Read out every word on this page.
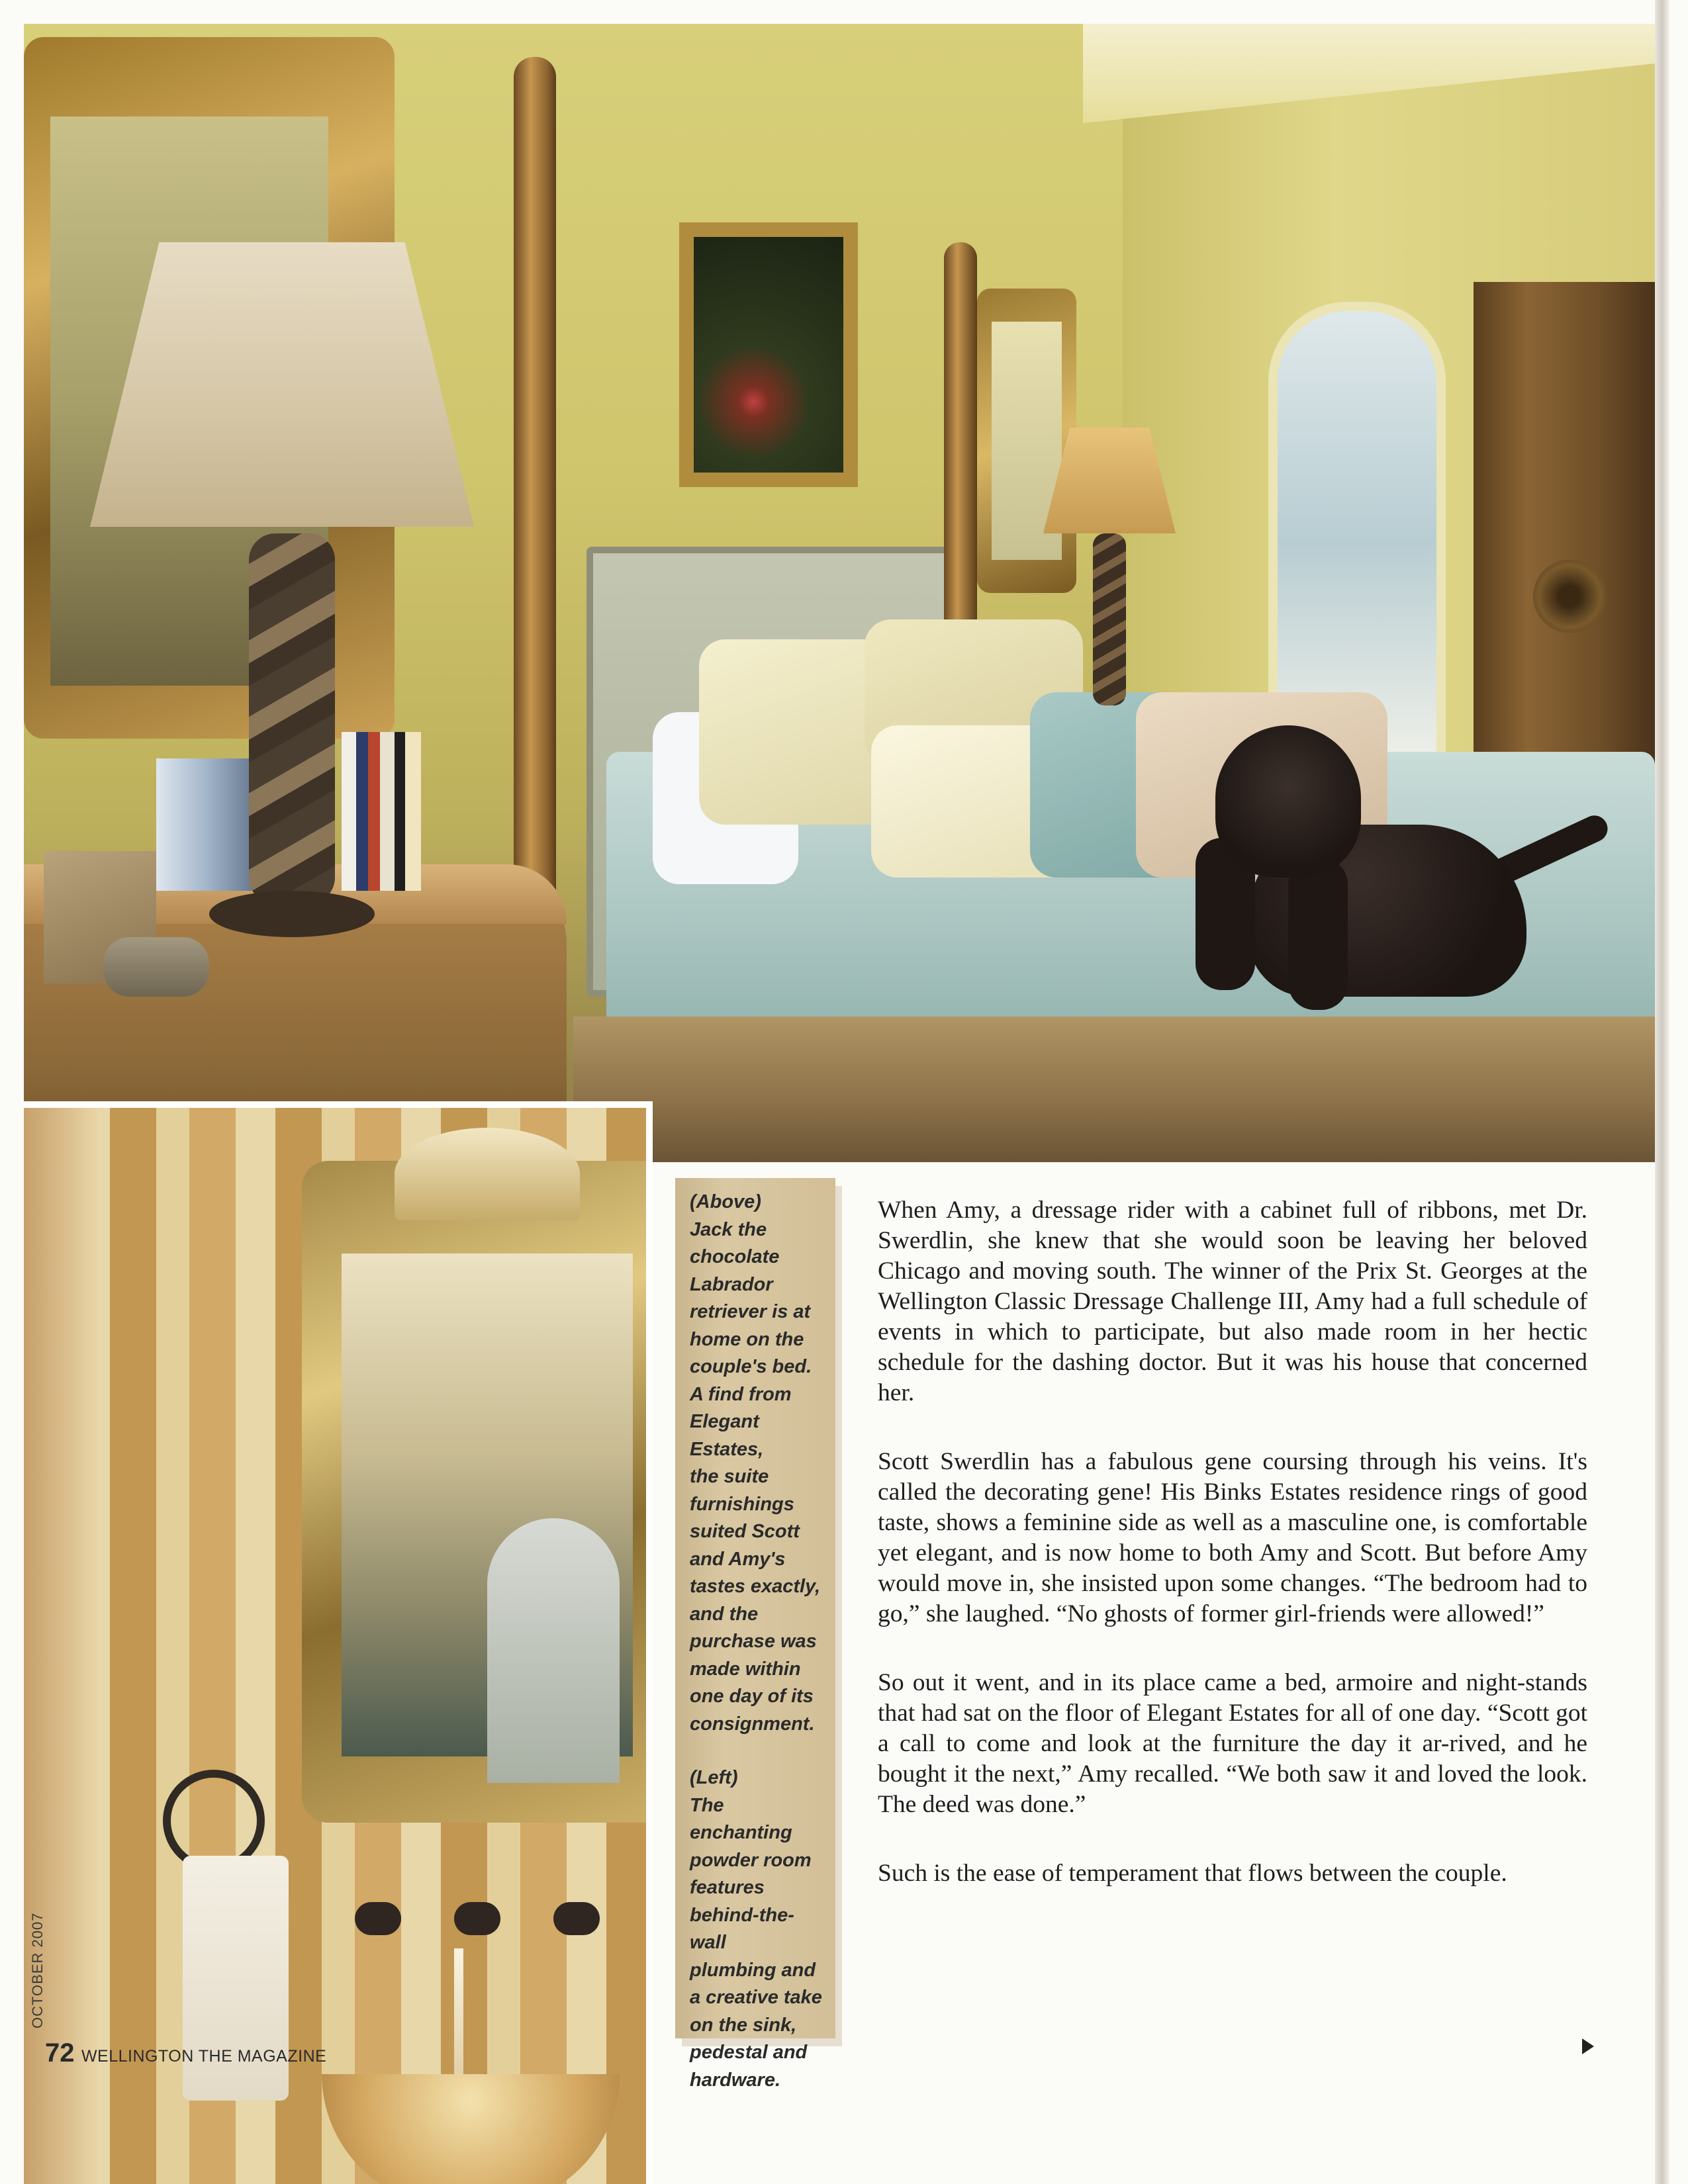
(Above)
Jack the
chocolate
Labrador
retriever is at
home on the
couple's bed.
A find from
Elegant Estates,
the suite
furnishings
suited Scott
and Amy's
tastes exactly,
and the
purchase was
made within
one day of its
consignment.
(Left)
The enchanting
powder room
features
behind-the-wall
plumbing and
a creative take
on the sink,
pedestal and
hardware.

When Amy, a dressage rider with a cabinet full of ribbons, met Dr. Swerdlin, she knew that she would soon be leaving her beloved Chicago and moving south. The winner of the Prix St. Georges at the Wellington Classic Dressage Challenge III, Amy had a full schedule of events in which to participate, but also made room in her hectic schedule for the dashing doctor. But it was his house that concerned her.

Scott Swerdlin has a fabulous gene coursing through his veins. It's called the decorating gene! His Binks Estates residence rings of good taste, shows a feminine side as well as a masculine one, is comfortable yet elegant, and is now home to both Amy and Scott. But before Amy would move in, she insisted upon some changes. “The bedroom had to go,” she laughed. “No ghosts of former girl-friends were allowed!”

So out it went, and in its place came a bed, armoire and night-stands that had sat on the floor of Elegant Estates for all of one day. “Scott got a call to come and look at the furniture the day it ar-rived, and he bought it the next,” Amy recalled. “We both saw it and loved the look. The deed was done.”

Such is the ease of temperament that flows between the couple.

OCTOBER 2007
72 WELLINGTON THE MAGAZINE
